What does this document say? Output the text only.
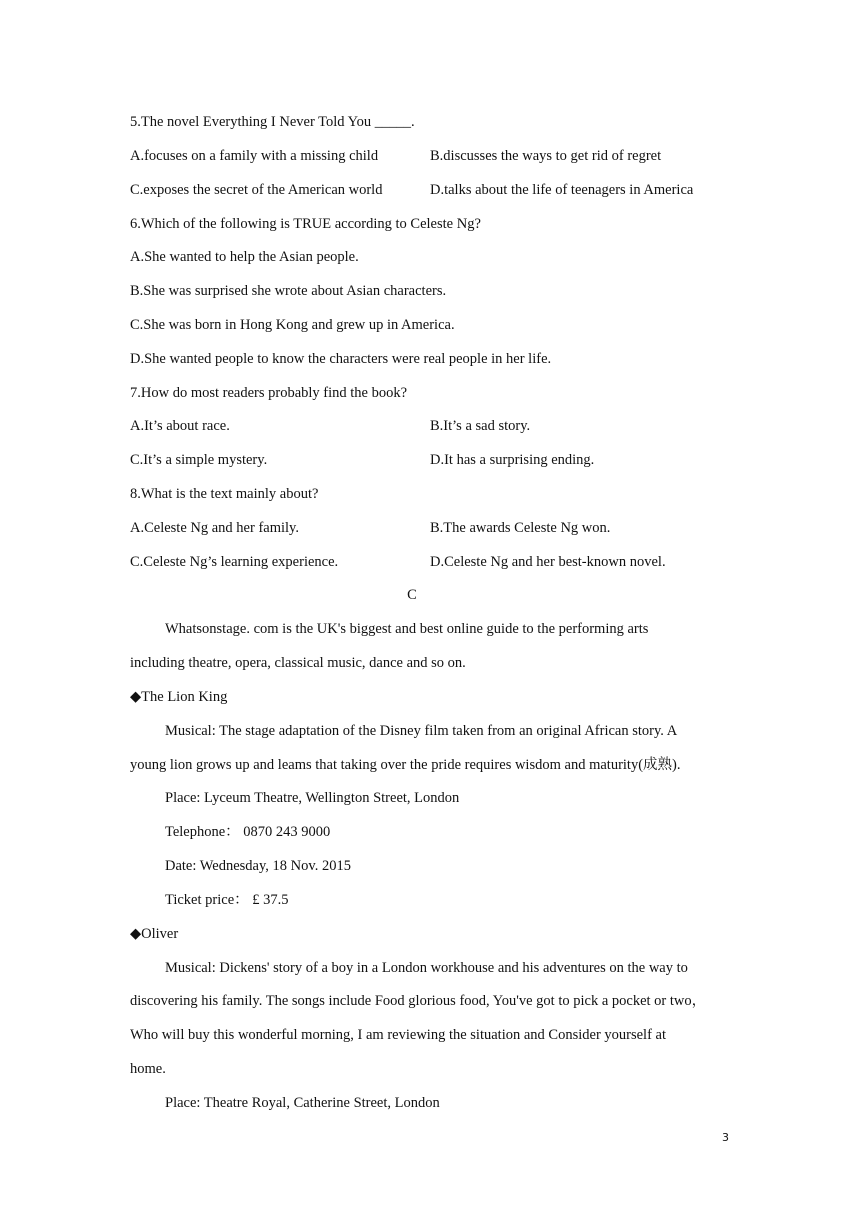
5.The novel Everything I Never Told You _____.
A.focuses on a family with a missing child	B.discusses the ways to get rid of regret
C.exposes the secret of the American world	D.talks about the life of teenagers in America
6.Which of the following is TRUE according to Celeste Ng?
A.She wanted to help the Asian people.
B.She was surprised she wrote about Asian characters.
C.She was born in Hong Kong and grew up in America.
D.She wanted people to know the characters were real people in her life.
7.How do most readers probably find the book?
A.It’s about race.	B.It’s a sad story.
C.It’s a simple mystery.	D.It has a surprising ending.
8.What is the text mainly about?
A.Celeste Ng and her family.	B.The awards Celeste Ng won.
C.Celeste Ng’s learning experience.	D.Celeste Ng and her best-known novel.
C
Whatsonstage. com is the UK's biggest and best online guide to the performing arts
including theatre, opera, classical music, dance and so on.
◆The Lion King
Musical: The stage adaptation of the Disney film taken from an original African story. A
young lion grows up and leams that taking over the pride requires wisdom and maturity(成熟).
Place: Lyceum Theatre, Wellington Street, London
Telephone： 0870 243 9000
Date: Wednesday, 18 Nov. 2015
Ticket price： £ 37.5
◆Oliver
Musical: Dickens' story of a boy in a London workhouse and his adventures on the way to
discovering his family. The songs include Food glorious food, You've got to pick a pocket or two，
Who will buy this wonderful morning, I am reviewing the situation and Consider yourself at
home.
Place: Theatre Royal, Catherine Street, London
3
